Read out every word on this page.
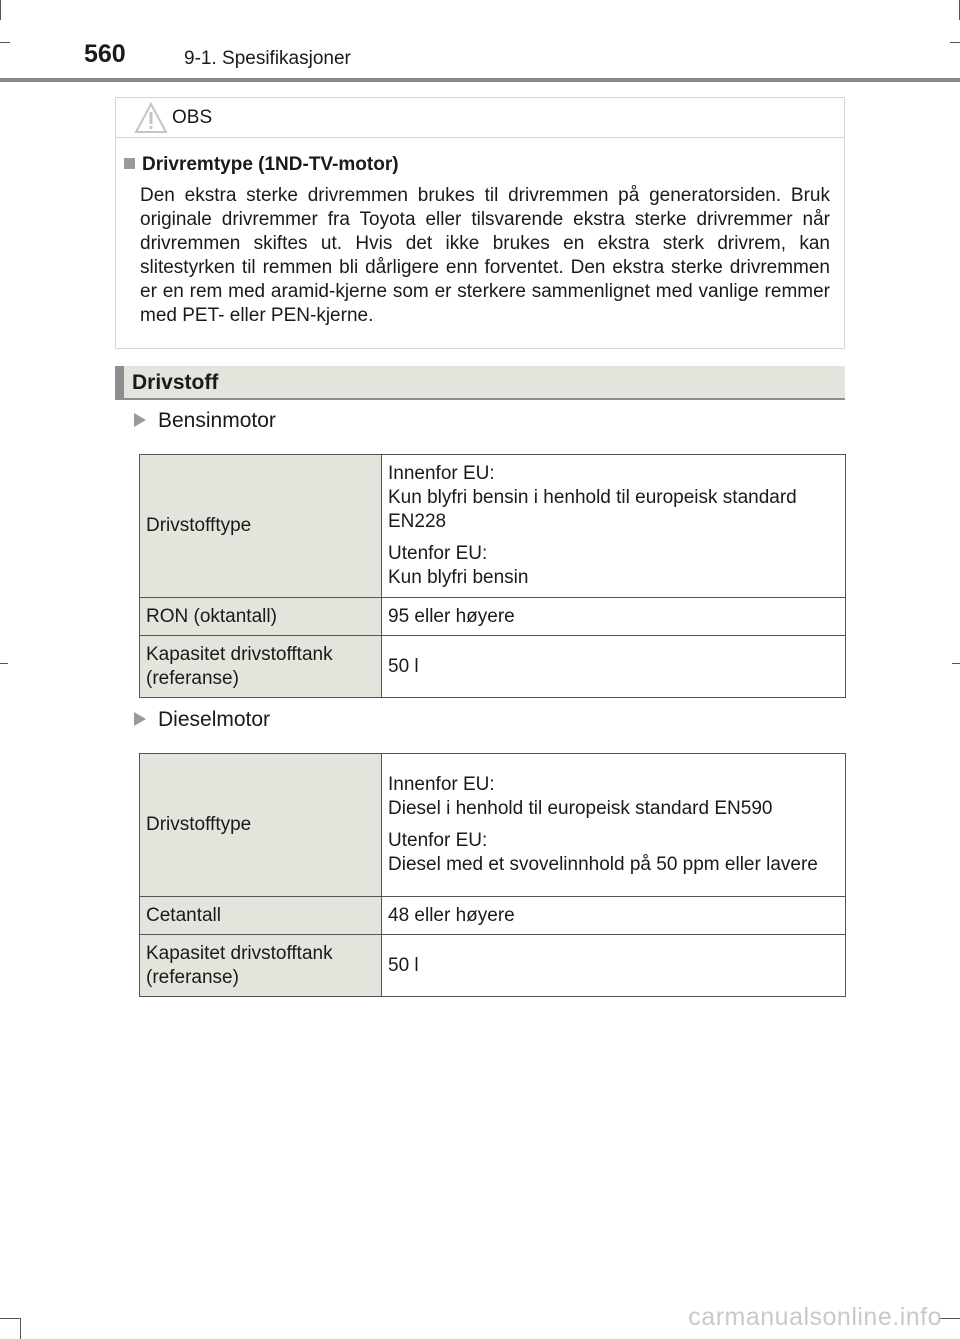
560	9-1. Spesifikasjoner
OBS
Drivremtype (1ND-TV-motor)
Den ekstra sterke drivremmen brukes til drivremmen på generatorsiden. Bruk originale drivremmer fra Toyota eller tilsvarende ekstra sterke drivremmer når drivremmen skiftes ut. Hvis det ikke brukes en ekstra sterk drivrem, kan slitestyrken til remmen bli dårligere enn forventet. Den ekstra sterke drivremmen er en rem med aramid-kjerne som er sterkere sammenlignet med vanlige remmer med PET- eller PEN-kjerne.
Drivstoff
Bensinmotor
Drivstofftype	Innenfor EU:
Kun blyfri bensin i henhold til europeisk standard EN228

Utenfor EU:
Kun blyfri bensin

RON (oktantall)	95 eller høyere
Kapasitet drivstofftank
(referanse)	50 l
Dieselmotor
Drivstofftype	Innenfor EU:
Diesel i henhold til europeisk standard EN590

Utenfor EU:
Diesel med et svovelinnhold på 50 ppm eller lavere

Cetantall	48 eller høyere
Kapasitet drivstofftank
(referanse)	50 l
carmanualsonline.info
